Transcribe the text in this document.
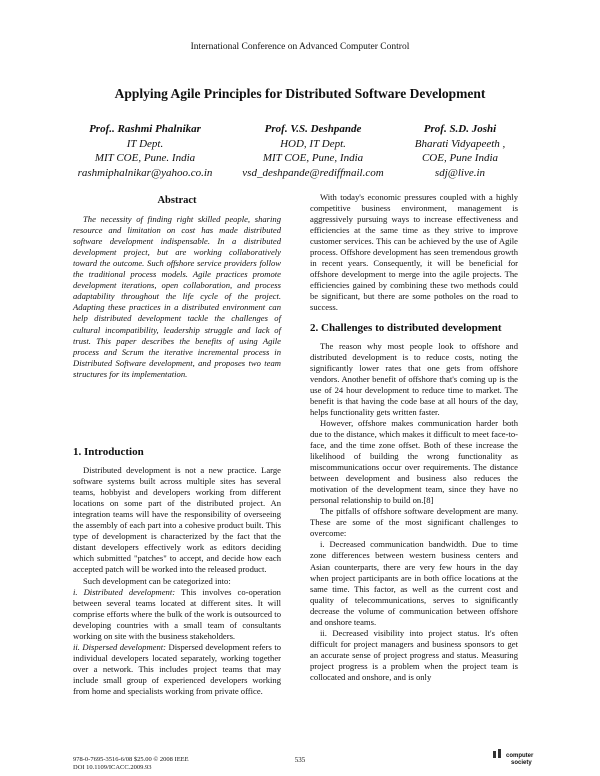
International Conference on Advanced Computer Control
Applying Agile Principles for Distributed Software Development
Prof.. Rashmi Phalnikar
IT Dept.
MIT COE, Pune. India
rashmiphalnikar@yahoo.co.in
Prof. V.S. Deshpande
HOD, IT Dept.
MIT COE, Pune, India
vsd_deshpande@rediffmail.com
Prof. S.D. Joshi
Bharati Vidyapeeth ,
COE, Pune India
sdj@live.in
Abstract

The necessity of finding right skilled people, sharing resource and limitation on cost has made distributed software development indispensable. In a distributed development project, but are working collaboratively toward the outcome. Such offshore service providers follow the traditional process models. Agile practices promote development iterations, open collaboration, and process adaptability throughout the life cycle of the project. Adapting these practices in a distributed environment can help distributed development tackle the challenges of cultural incompatibility, leadership struggle and lack of trust. This paper describes the benefits of using Agile process and Scrum the iterative incremental process in Distributed Software development, and proposes two team structures for its implementation.

1. Introduction

Distributed development is not a new practice. Large software systems built across multiple sites has several teams, hobbyist and developers working from different locations on some part of the distributed project. An integration teams will have the responsibility of overseeing the assembly of each part into a cohesive product built. This type of development is characterized by the fact that the distant developers effectively work as editors deciding which submitted "patches" to accept, and decide how each accepted patch will be worked into the released product.

Such development can be categorized into:

i. Distributed development: This involves co-operation between several teams located at different sites. It will comprise efforts where the bulk of the work is outsourced to developing countries with a small team of consultants working on site with the business stakeholders.

ii. Dispersed development: Dispersed development refers to individual developers located separately, working together over a network. This includes project teams that may include small group of experienced developers working from home and specialists working from private office.

With today's economic pressures coupled with a highly competitive business environment, management is aggressively pursuing ways to increase effectiveness and efficiencies at the same time as they strive to improve customer services. This can be achieved by the use of Agile process. Offshore development has seen tremendous growth in recent years. Consequently, it will be beneficial for offshore development to merge into the agile projects. The efficiencies gained by combining these two methods could be significant, but there are some potholes on the road to success.

2. Challenges to distributed development

The reason why most people look to offshore and distributed development is to reduce costs, noting the significantly lower rates that one gets from offshore vendors. Another benefit of offshore that's coming up is the use of 24 hour development to reduce time to market. The benefit is that having the code base at all hours of the day, helps functionality gets written faster.

However, offshore makes communication harder both due to the distance, which makes it difficult to meet face-to-face, and the time zone offset. Both of these increase the likelihood of building the wrong functionality as miscommunications occur over requirements. The distance between development and business also reduces the motivation of the development team, since they have no personal relationship to build on.[8]

The pitfalls of offshore software development are many. These are some of the most significant challenges to overcome:

i. Decreased communication bandwidth. Due to time zone differences between western business centers and Asian counterparts, there are very few hours in the day when project participants are in both office locations at the same time. This factor, as well as the current cost and quality of telecommunications, serves to significantly decrease the volume of communication between offshore and onshore teams.

ii. Decreased visibility into project status. It's often difficult for project managers and business sponsors to get an accurate sense of project progress and status. Measuring project progress is a problem when the project team is collocated and onshore, and is only

978-0-7695-3516-6/08 $25.00 © 2008 IEEE
DOI 10.1109/ICACC.2009.93
535	computer
society
